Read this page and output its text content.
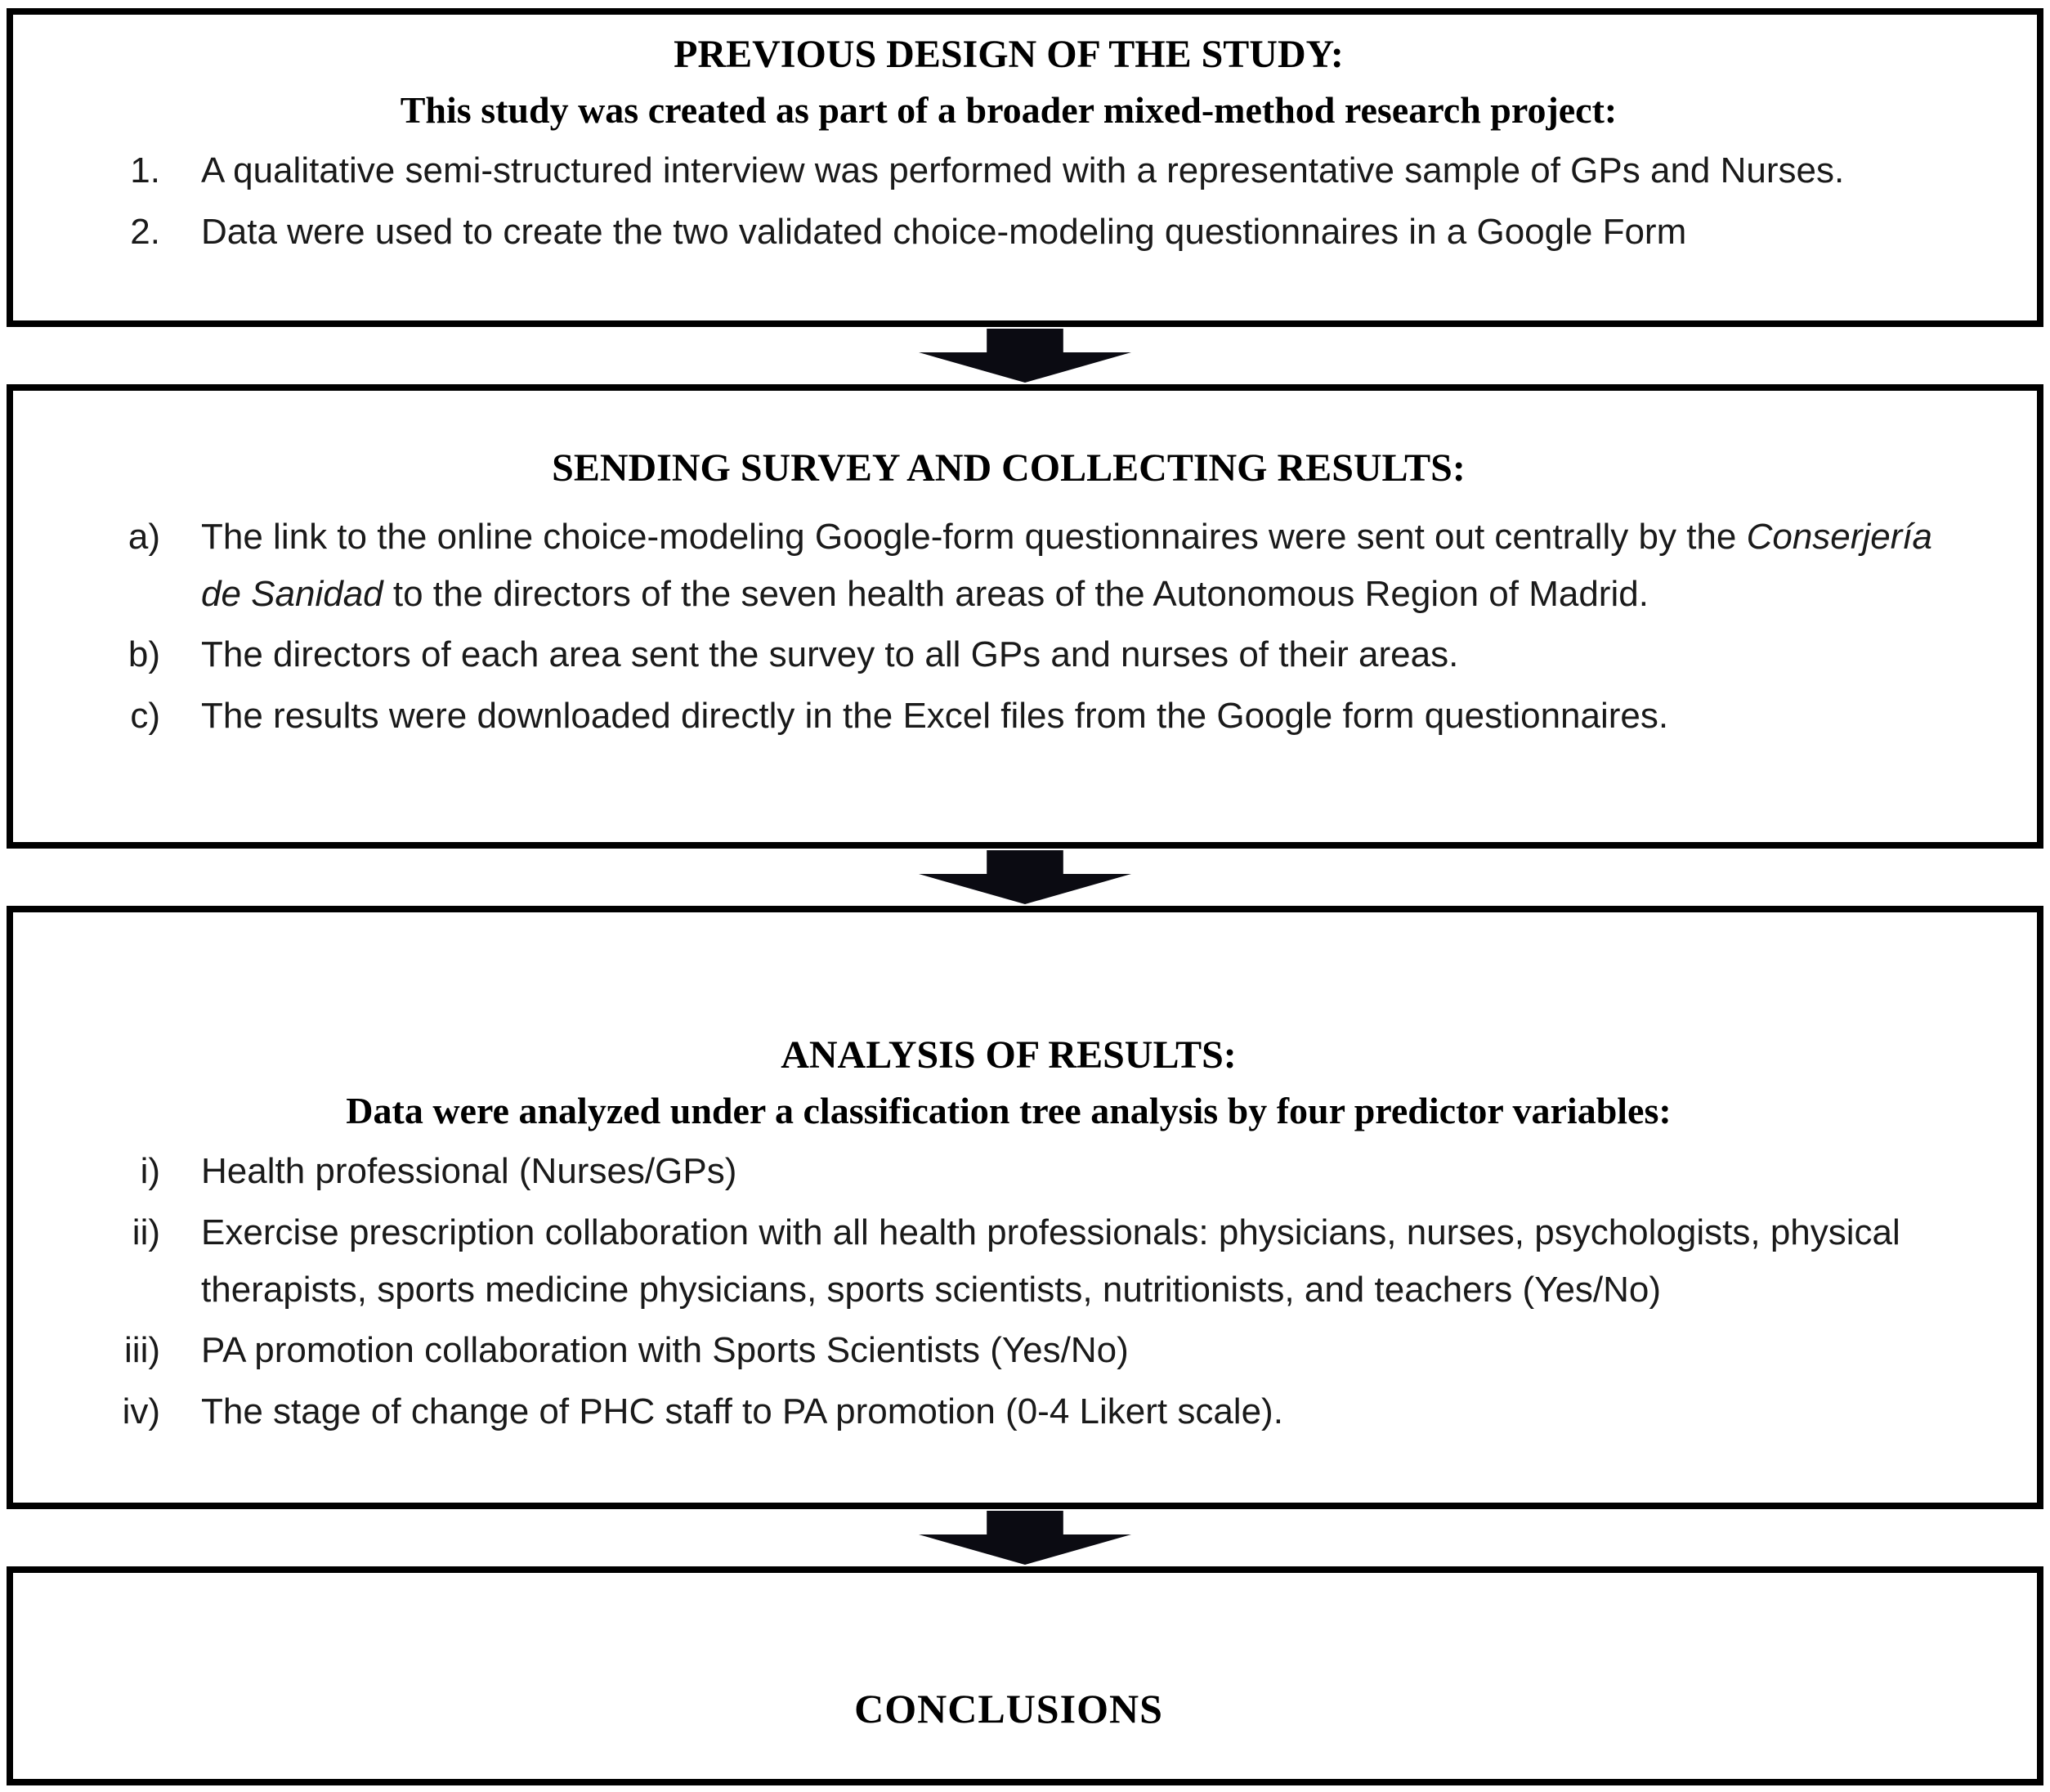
PREVIOUS DESIGN OF THE STUDY:
This study was created as part of a broader mixed-method research project:
1. A qualitative semi-structured interview was performed with a representative sample of GPs and Nurses.
2. Data were used to create the two validated choice-modeling questionnaires in a Google Form
SENDING SURVEY AND COLLECTING RESULTS:
a) The link to the online choice-modeling Google-form questionnaires were sent out centrally by the Conserjería de Sanidad to the directors of the seven health areas of the Autonomous Region of Madrid.
b) The directors of each area sent the survey to all GPs and nurses of their areas.
c) The results were downloaded directly in the Excel files from the Google form questionnaires.
ANALYSIS OF RESULTS:
Data were analyzed under a classification tree analysis by four predictor variables:
i) Health professional (Nurses/GPs)
ii) Exercise prescription collaboration with all health professionals: physicians, nurses, psychologists, physical therapists, sports medicine physicians, sports scientists, nutritionists, and teachers (Yes/No)
iii) PA promotion collaboration with Sports Scientists (Yes/No)
iv) The stage of change of PHC staff to PA promotion (0-4 Likert scale).
CONCLUSIONS
